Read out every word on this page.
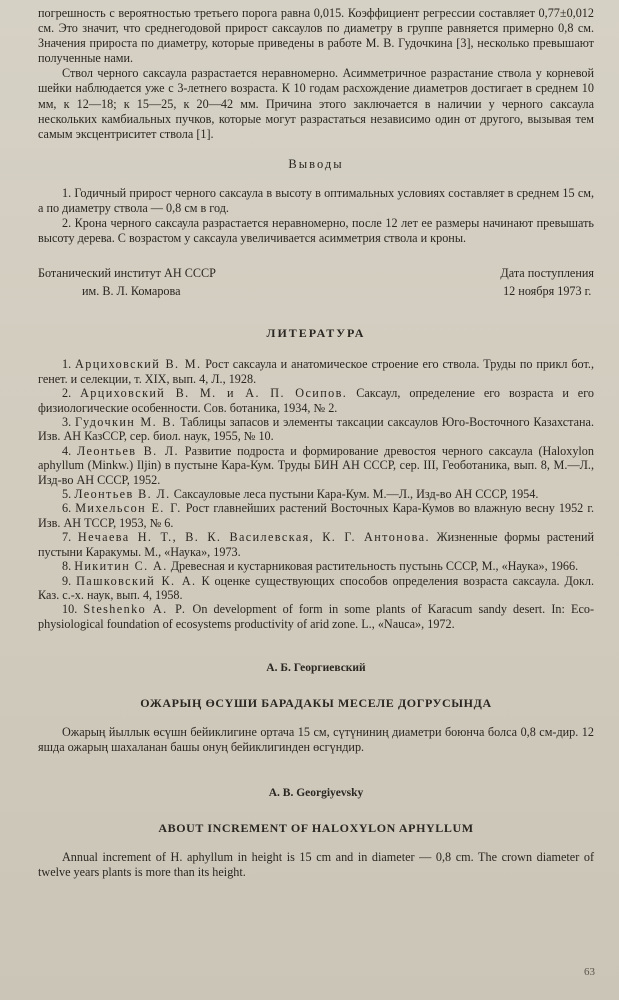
погрешность с вероятностью третьего порога равна 0,015. Коэффициент регрессии составляет 0,77±0,012 см. Это значит, что среднегодовой прирост саксаулов по диаметру в группе равняется примерно 0,8 см. Значения прироста по диаметру, которые приведены в работе М. В. Гудочкина [3], несколько превышают полученные нами.

Ствол черного саксаула разрастается неравномерно. Асимметричное разрастание ствола у корневой шейки наблюдается уже с 3-летнего возраста. К 10 годам расхождение диаметров достигает в среднем 10 мм, к 12—18; к 15—25, к 20—42 мм. Причина этого заключается в наличии у черного саксаула нескольких камбиальных пучков, которые могут разрастаться независимо один от другого, вызывая тем самым эксцентриситет ствола [1].

Выводы

1. Годичный прирост черного саксаула в высоту в оптимальных условиях составляет в среднем 15 см, а по диаметру ствола — 0,8 см в год.

2. Крона черного саксаула разрастается неравномерно, после 12 лет ее размеры начинают превышать высоту дерева. С возрастом у саксаула увеличивается асимметрия ствола и кроны.

Ботанический институт АН СССР
им. В. Л. Комарова
Дата поступления
12 ноября 1973 г.
ЛИТЕРАТУРА

1. Арциховский В. М. Рост саксаула и анатомическое строение его ствола. Труды по прикл бот., генет. и селекции, т. XIX, вып. 4, Л., 1928.

2. Арциховский В. М. и А. П. Осипов. Саксаул, определение его возраста и его физиологические особенности. Сов. ботаника, 1934, № 2.

3. Гудочкин М. В. Таблицы запасов и элементы таксации саксаулов Юго-Восточного Казахстана. Изв. АН КазССР, сер. биол. наук, 1955, № 10.

4. Леонтьев В. Л. Развитие подроста и формирование древостоя черного саксаула (Haloxylon aphyllum (Minkw.) Iljin) в пустыне Кара-Кум. Труды БИН АН СССР, сер. III, Геоботаника, вып. 8, М.—Л., Изд-во АН СССР, 1952.

5. Леонтьев В. Л. Саксауловые леса пустыни Кара-Кум. М.—Л., Изд-во АН СССР, 1954.

6. Михельсон Е. Г. Рост главнейших растений Восточных Кара-Кумов во влажную весну 1952 г. Изв. АН ТССР, 1953, № 6.

7. Нечаева Н. Т., В. К. Василевская, К. Г. Антонова. Жизненные формы растений пустыни Каракумы. М., «Наука», 1973.

8. Никитин С. А. Древесная и кустарниковая растительность пустынь СССР, М., «Наука», 1966.

9. Пашковский К. А. К оценке существующих способов определения возраста саксаула. Докл. Каз. с.-х. наук, вып. 4, 1958.

10. Steshenko A. P. On development of form in some plants of Karacum sandy desert. In: Eco-physiological foundation of ecosystems productivity of arid zone. L., «Nauca», 1972.

А. Б. Георгиевский
ОЖАРЫҢ ӨСҮШИ БАРАДАКЫ МЕСЕЛЕ ДОГРУСЫНДА

Ожарың йыллык өсүшн бейиклигинe ортача 15 см, сүтүниниң диаметри боюнча болса 0,8 см-дир. 12 яшда ожарың шахаланан башы онуң бейиклигинден өсгүндир.

A. B. Georgiyevsky
ABOUT INCREMENT OF HALOXYLON APHYLLUM

Annual increment of H. aphyllum in height is 15 cm and in diameter — 0,8 cm. The crown diameter of twelve years plants is more than its height.

63
